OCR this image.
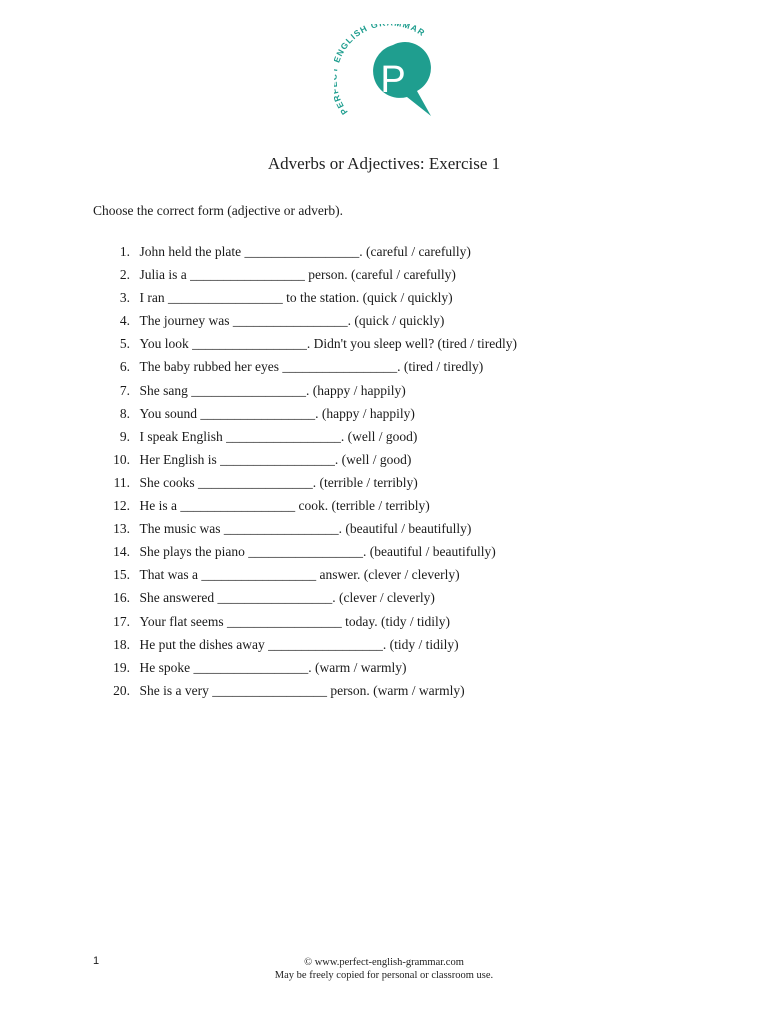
PE NGLISH G MAR
P
Adverbs or Adjectives: Exercise 1
Choose the correct form (adjective or adverb).
1. John held the plate _________________. (careful / carefully)
2. Julia is a _________________ person. (careful / carefully)
3. I ran _________________ to the station. (quick / quickly)
4. The journey was _________________. (quick / quickly)
5. You look _________________. Didn't you sleep well? (tired / tiredly)
6. The baby rubbed her eyes _________________. (tired / tiredly)
7. She sang _________________. (happy / happily)
8. You sound _________________. (happy / happily)
9. I speak English _________________. (well / good)
10. Her English is _________________. (well / good)
11. She cooks _________________. (terrible / terribly)
12. He is a _________________ cook. (terrible / terribly)
13. The music was _________________. (beautiful / beautifully)
14. She plays the piano _________________. (beautiful / beautifully)
15. That was a _________________ answer. (clever / cleverly)
16. She answered _________________. (clever / cleverly)
17. Your flat seems _________________ today. (tidy / tidily)
18. He put the dishes away _________________. (tidy / tidily)
19. He spoke _________________. (warm / warmly)
20. She is a very _________________ person. (warm / warmly)
1	© www.perfect-english-grammar.com
May be freely copied for personal or classroom use.
